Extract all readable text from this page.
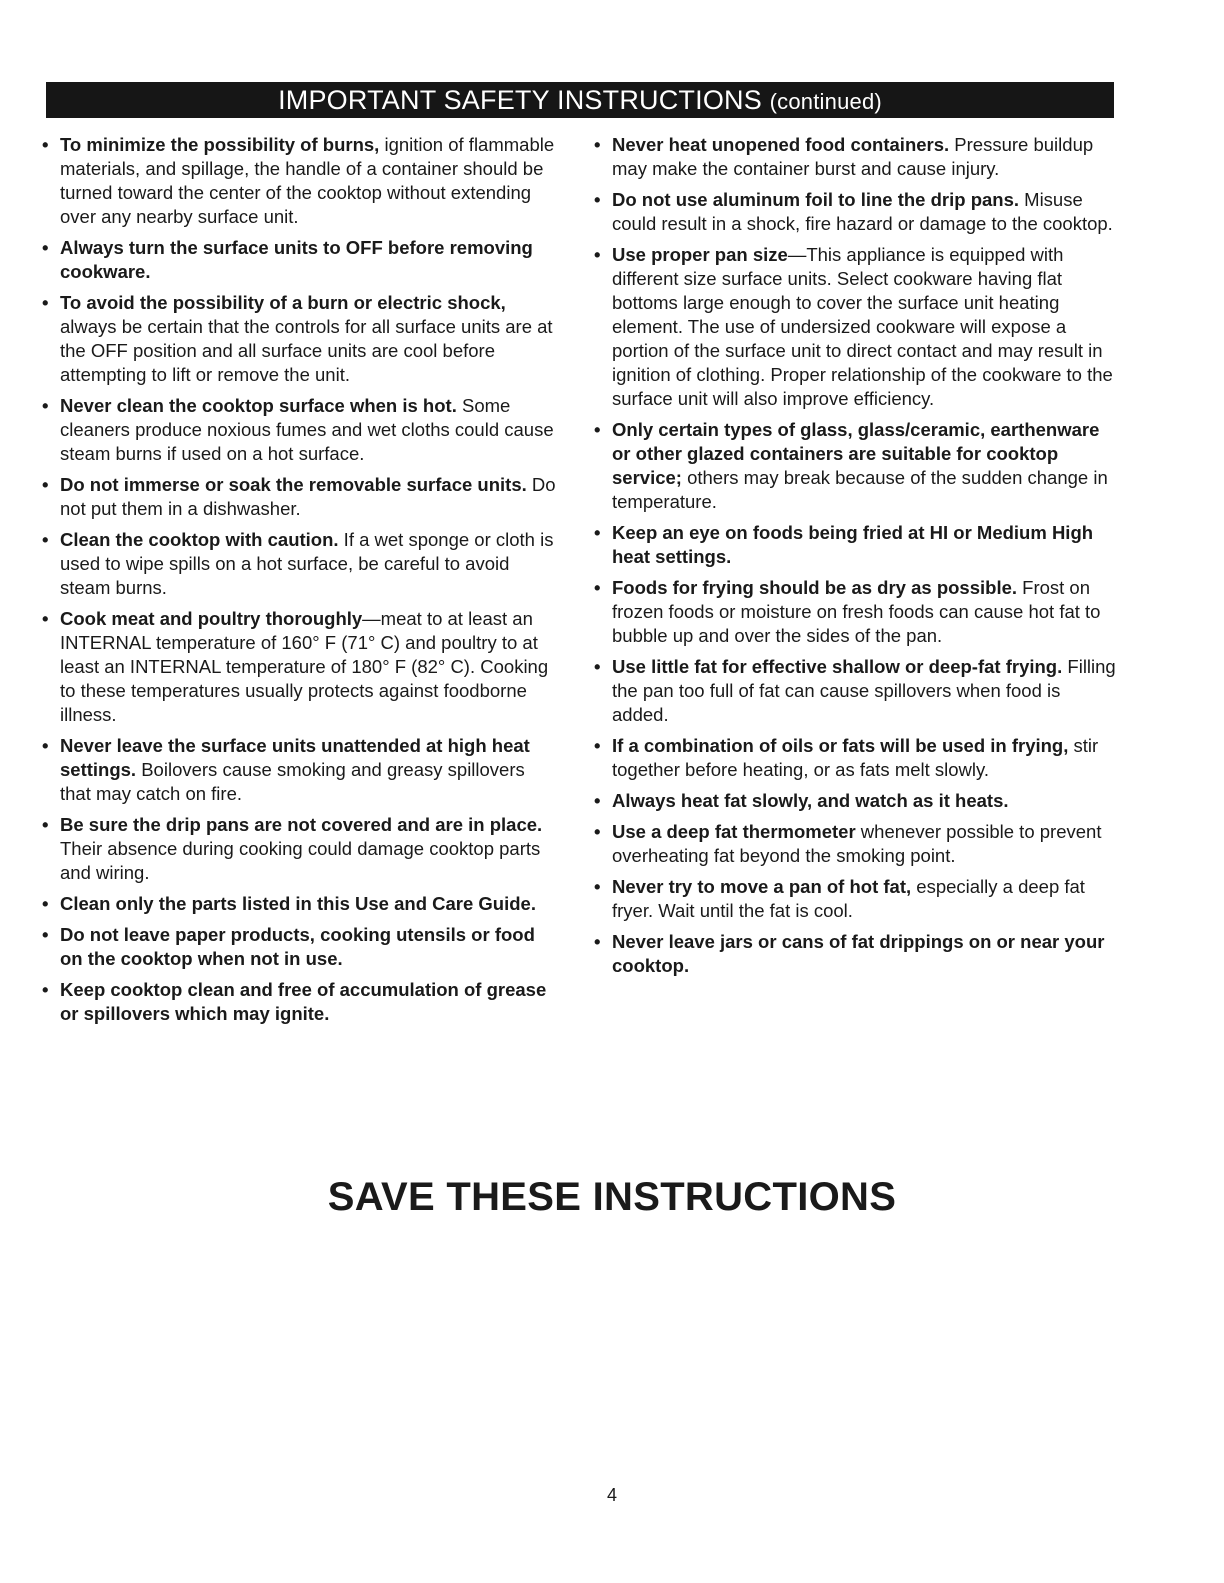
IMPORTANT SAFETY INSTRUCTIONS (continued)
• To minimize the possibility of burns, ignition of flammable materials, and spillage, the handle of a container should be turned toward the center of the cooktop without extending over any nearby surface unit.
• Always turn the surface units to OFF before removing cookware.
• To avoid the possibility of a burn or electric shock, always be certain that the controls for all surface units are at the OFF position and all surface units are cool before attempting to lift or remove the unit.
• Never clean the cooktop surface when is hot. Some cleaners produce noxious fumes and wet cloths could cause steam burns if used on a hot surface.
• Do not immerse or soak the removable surface units. Do not put them in a dishwasher.
• Clean the cooktop with caution. If a wet sponge or cloth is used to wipe spills on a hot surface, be careful to avoid steam burns.
• Cook meat and poultry thoroughly—meat to at least an INTERNAL temperature of 160° F (71° C) and poultry to at least an INTERNAL temperature of 180° F (82° C). Cooking to these temperatures usually protects against foodborne illness.
• Never leave the surface units unattended at high heat settings. Boilovers cause smoking and greasy spillovers that may catch on fire.
• Be sure the drip pans are not covered and are in place. Their absence during cooking could damage cooktop parts and wiring.
• Clean only the parts listed in this Use and Care Guide.
• Do not leave paper products, cooking utensils or food on the cooktop when not in use.
• Keep cooktop clean and free of accumulation of grease or spillovers which may ignite.
• Never heat unopened food containers. Pressure buildup may make the container burst and cause injury.
• Do not use aluminum foil to line the drip pans. Misuse could result in a shock, fire hazard or damage to the cooktop.
• Use proper pan size—This appliance is equipped with different size surface units. Select cookware having flat bottoms large enough to cover the surface unit heating element. The use of undersized cookware will expose a portion of the surface unit to direct contact and may result in ignition of clothing. Proper relationship of the cookware to the surface unit will also improve efficiency.
• Only certain types of glass, glass/ceramic, earthenware or other glazed containers are suitable for cooktop service; others may break because of the sudden change in temperature.
• Keep an eye on foods being fried at HI or Medium High heat settings.
• Foods for frying should be as dry as possible. Frost on frozen foods or moisture on fresh foods can cause hot fat to bubble up and over the sides of the pan.
• Use little fat for effective shallow or deep-fat frying. Filling the pan too full of fat can cause spillovers when food is added.
• If a combination of oils or fats will be used in frying, stir together before heating, or as fats melt slowly.
• Always heat fat slowly, and watch as it heats.
• Use a deep fat thermometer whenever possible to prevent overheating fat beyond the smoking point.
• Never try to move a pan of hot fat, especially a deep fat fryer. Wait until the fat is cool.
• Never leave jars or cans of fat drippings on or near your cooktop.
SAVE THESE INSTRUCTIONS
4
